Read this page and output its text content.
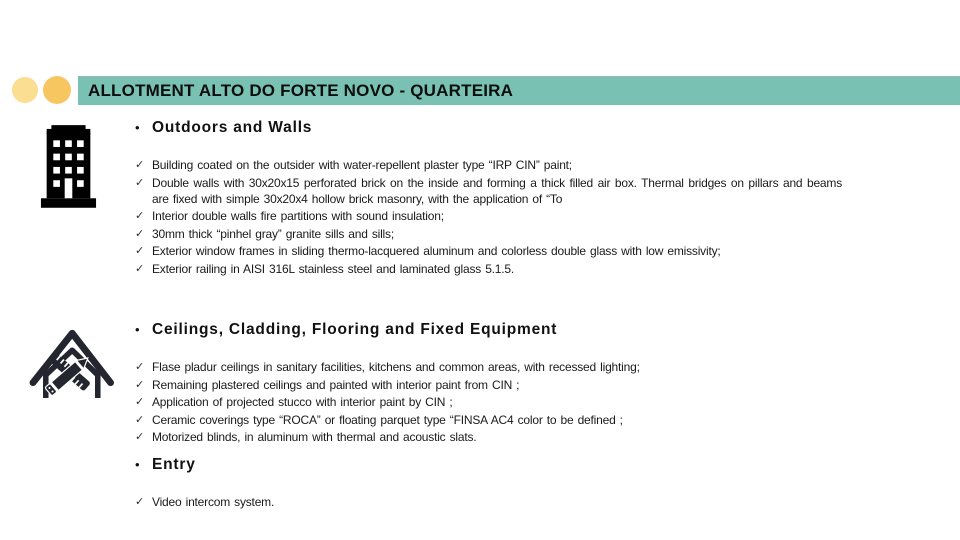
ALLOTMENT ALTO DO FORTE NOVO - QUARTEIRA
• Outdoors and Walls
✓ Building coated on the outsider with water-repellent plaster type “IRP CIN” paint;
✓ Double walls with 30x20x15 perforated brick on the inside and forming a thick filled air box. Thermal bridges on pillars and beams are fixed with simple 30x20x4 hollow brick masonry, with the application of “To
✓ Interior double walls fire partitions with sound insulation;
✓ 30mm thick “pinhel gray” granite sills and sills;
✓ Exterior window frames in sliding thermo-lacquered aluminum and colorless double glass with low emissivity;
✓ Exterior railing in AISI 316L stainless steel and laminated glass 5.1.5.
• Ceilings, Cladding, Flooring and Fixed Equipment
✓ Flase pladur ceilings in sanitary facilities, kitchens and common areas, with recessed lighting;
✓ Remaining plastered ceilings and painted with interior paint from CIN ;
✓ Application of projected stucco with interior paint by CIN ;
✓ Ceramic coverings type “ROCA” or floating parquet type “FINSA AC4 color to be defined ;
✓ Motorized blinds, in aluminum with thermal and acoustic slats.
• Entry
✓ Video intercom system.
